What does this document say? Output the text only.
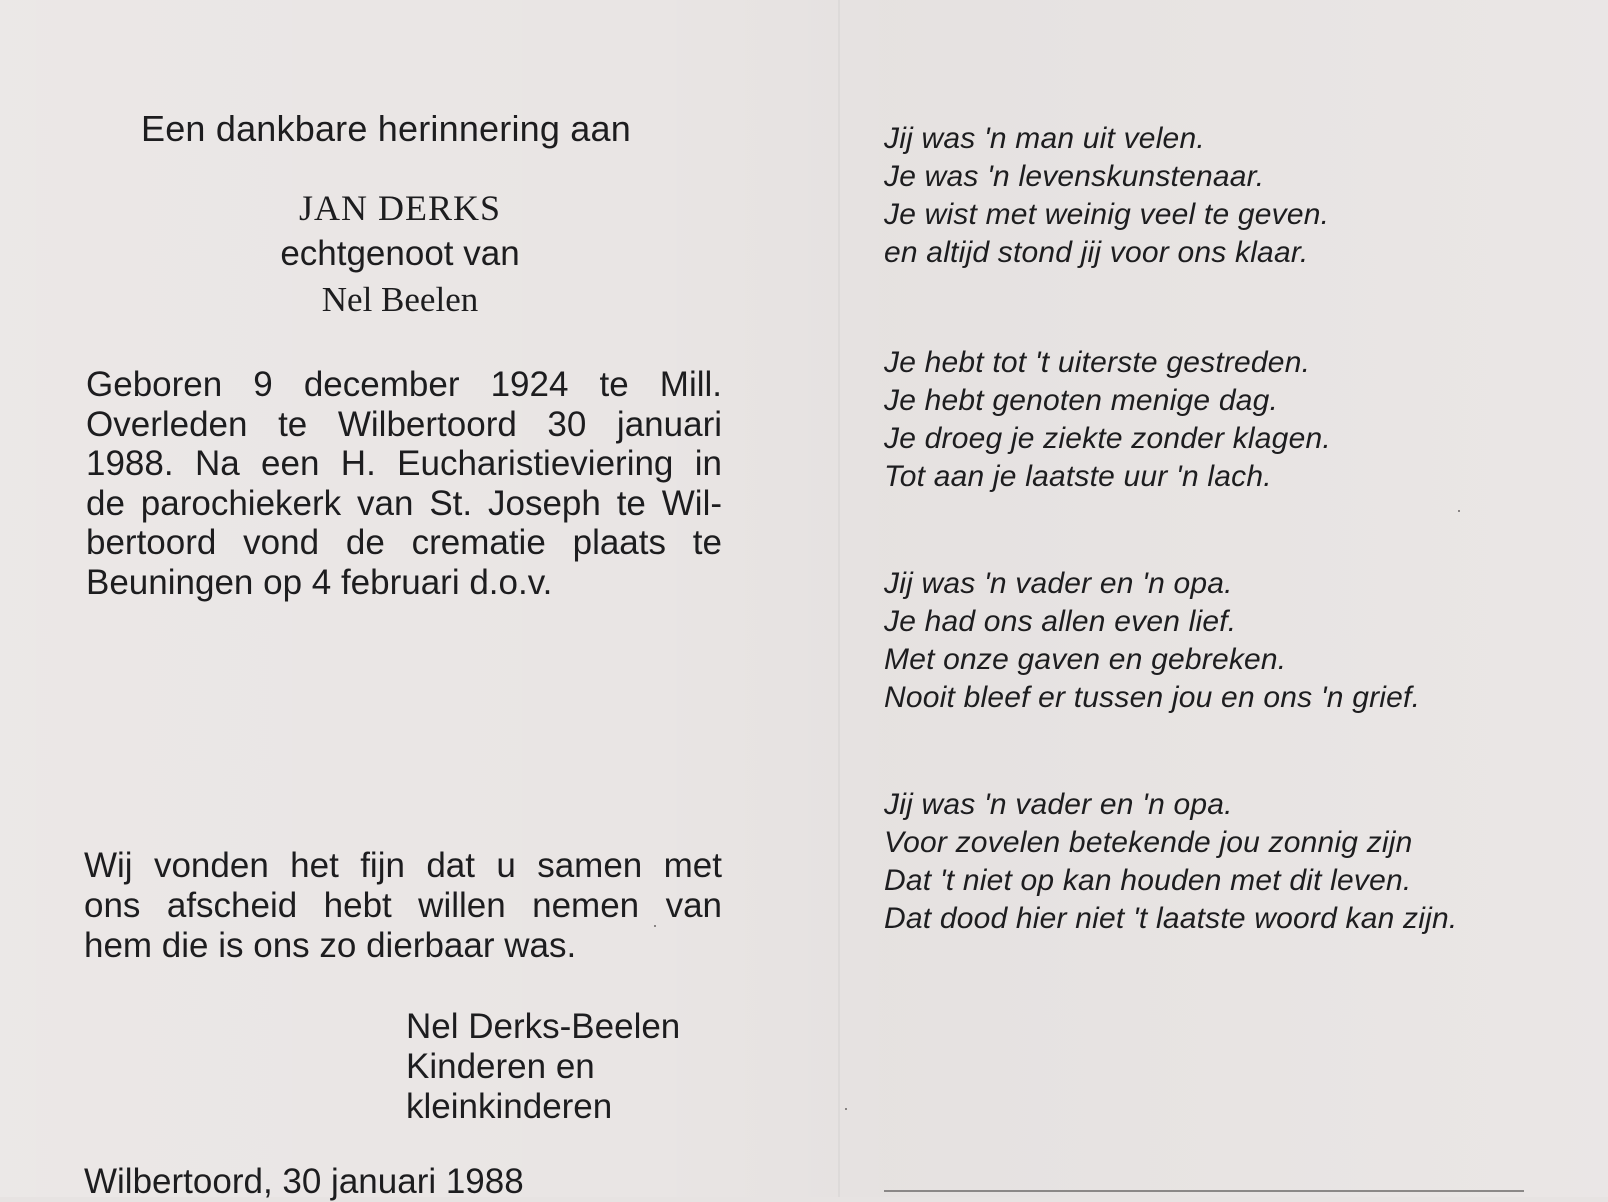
Een dankbare herinnering aan
JAN DERKS
echtgenoot van
Nel Beelen
Geboren 9 december 1924 te Mill.
Overleden te Wilbertoord 30 januari
1988. Na een H. Eucharistieviering in
de parochiekerk van St. Joseph te Wil-
bertoord vond de crematie plaats te
Beuningen op 4 februari d.o.v.
Wij vonden het fijn dat u samen met
ons afscheid hebt willen nemen van
hem die is ons zo dierbaar was.
Nel Derks-Beelen
Kinderen en
kleinkinderen
Wilbertoord, 30 januari 1988
Jij was 'n man uit velen.
Je was 'n levenskunstenaar.
Je wist met weinig veel te geven.
en altijd stond jij voor ons klaar.
Je hebt tot 't uiterste gestreden.
Je hebt genoten menige dag.
Je droeg je ziekte zonder klagen.
Tot aan je laatste uur 'n lach.
Jij was 'n vader en 'n opa.
Je had ons allen even lief.
Met onze gaven en gebreken.
Nooit bleef er tussen jou en ons 'n grief.
Jij was 'n vader en 'n opa.
Voor zovelen betekende jou zonnig zijn
Dat 't niet op kan houden met dit leven.
Dat dood hier niet 't laatste woord kan zijn.
